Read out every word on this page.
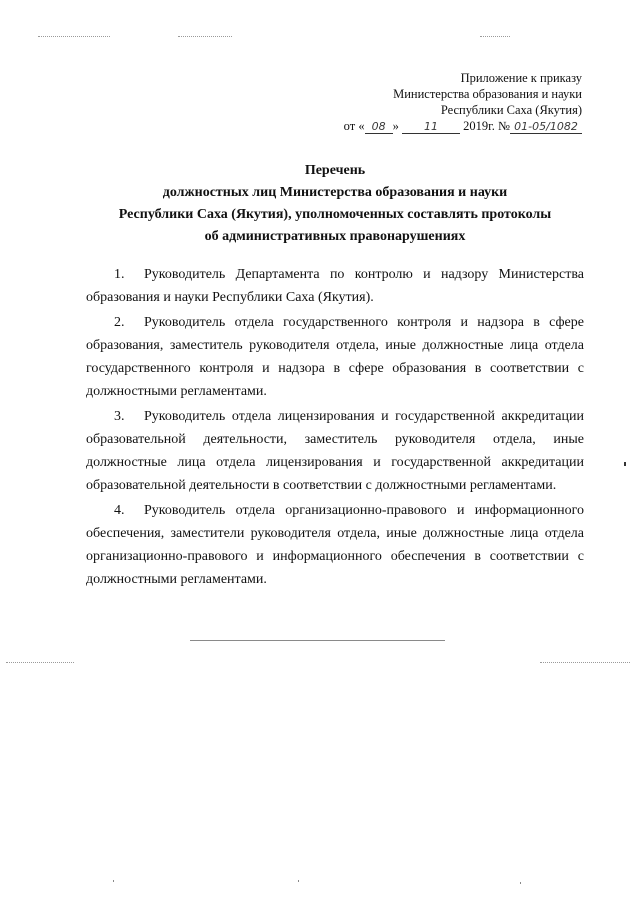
Приложение к приказу
Министерства образования и науки
Республики Саха (Якутия)
от « 08 » 11 2019г. № 01-05/1082
Перечень
должностных лиц Министерства образования и науки
Республики Саха (Якутия), уполномоченных составлять протоколы
об административных правонарушениях

1. Руководитель Департамента по контролю и надзору Министерства образования и науки Республики Саха (Якутия).

2. Руководитель отдела государственного контроля и надзора в сфере образования, заместитель руководителя отдела, иные должностные лица отдела государственного контроля и надзора в сфере образования в соответствии с должностными регламентами.

3. Руководитель отдела лицензирования и государственной аккредитации образовательной деятельности, заместитель руководителя отдела, иные должностные лица отдела лицензирования и государственной аккредитации образовательной деятельности в соответствии с должностными регламентами.

4. Руководитель отдела организационно-правового и информационного обеспечения, заместители руководителя отдела, иные должностные лица отдела организационно-правового и информационного обеспечения в соответствии с должностными регламентами.
